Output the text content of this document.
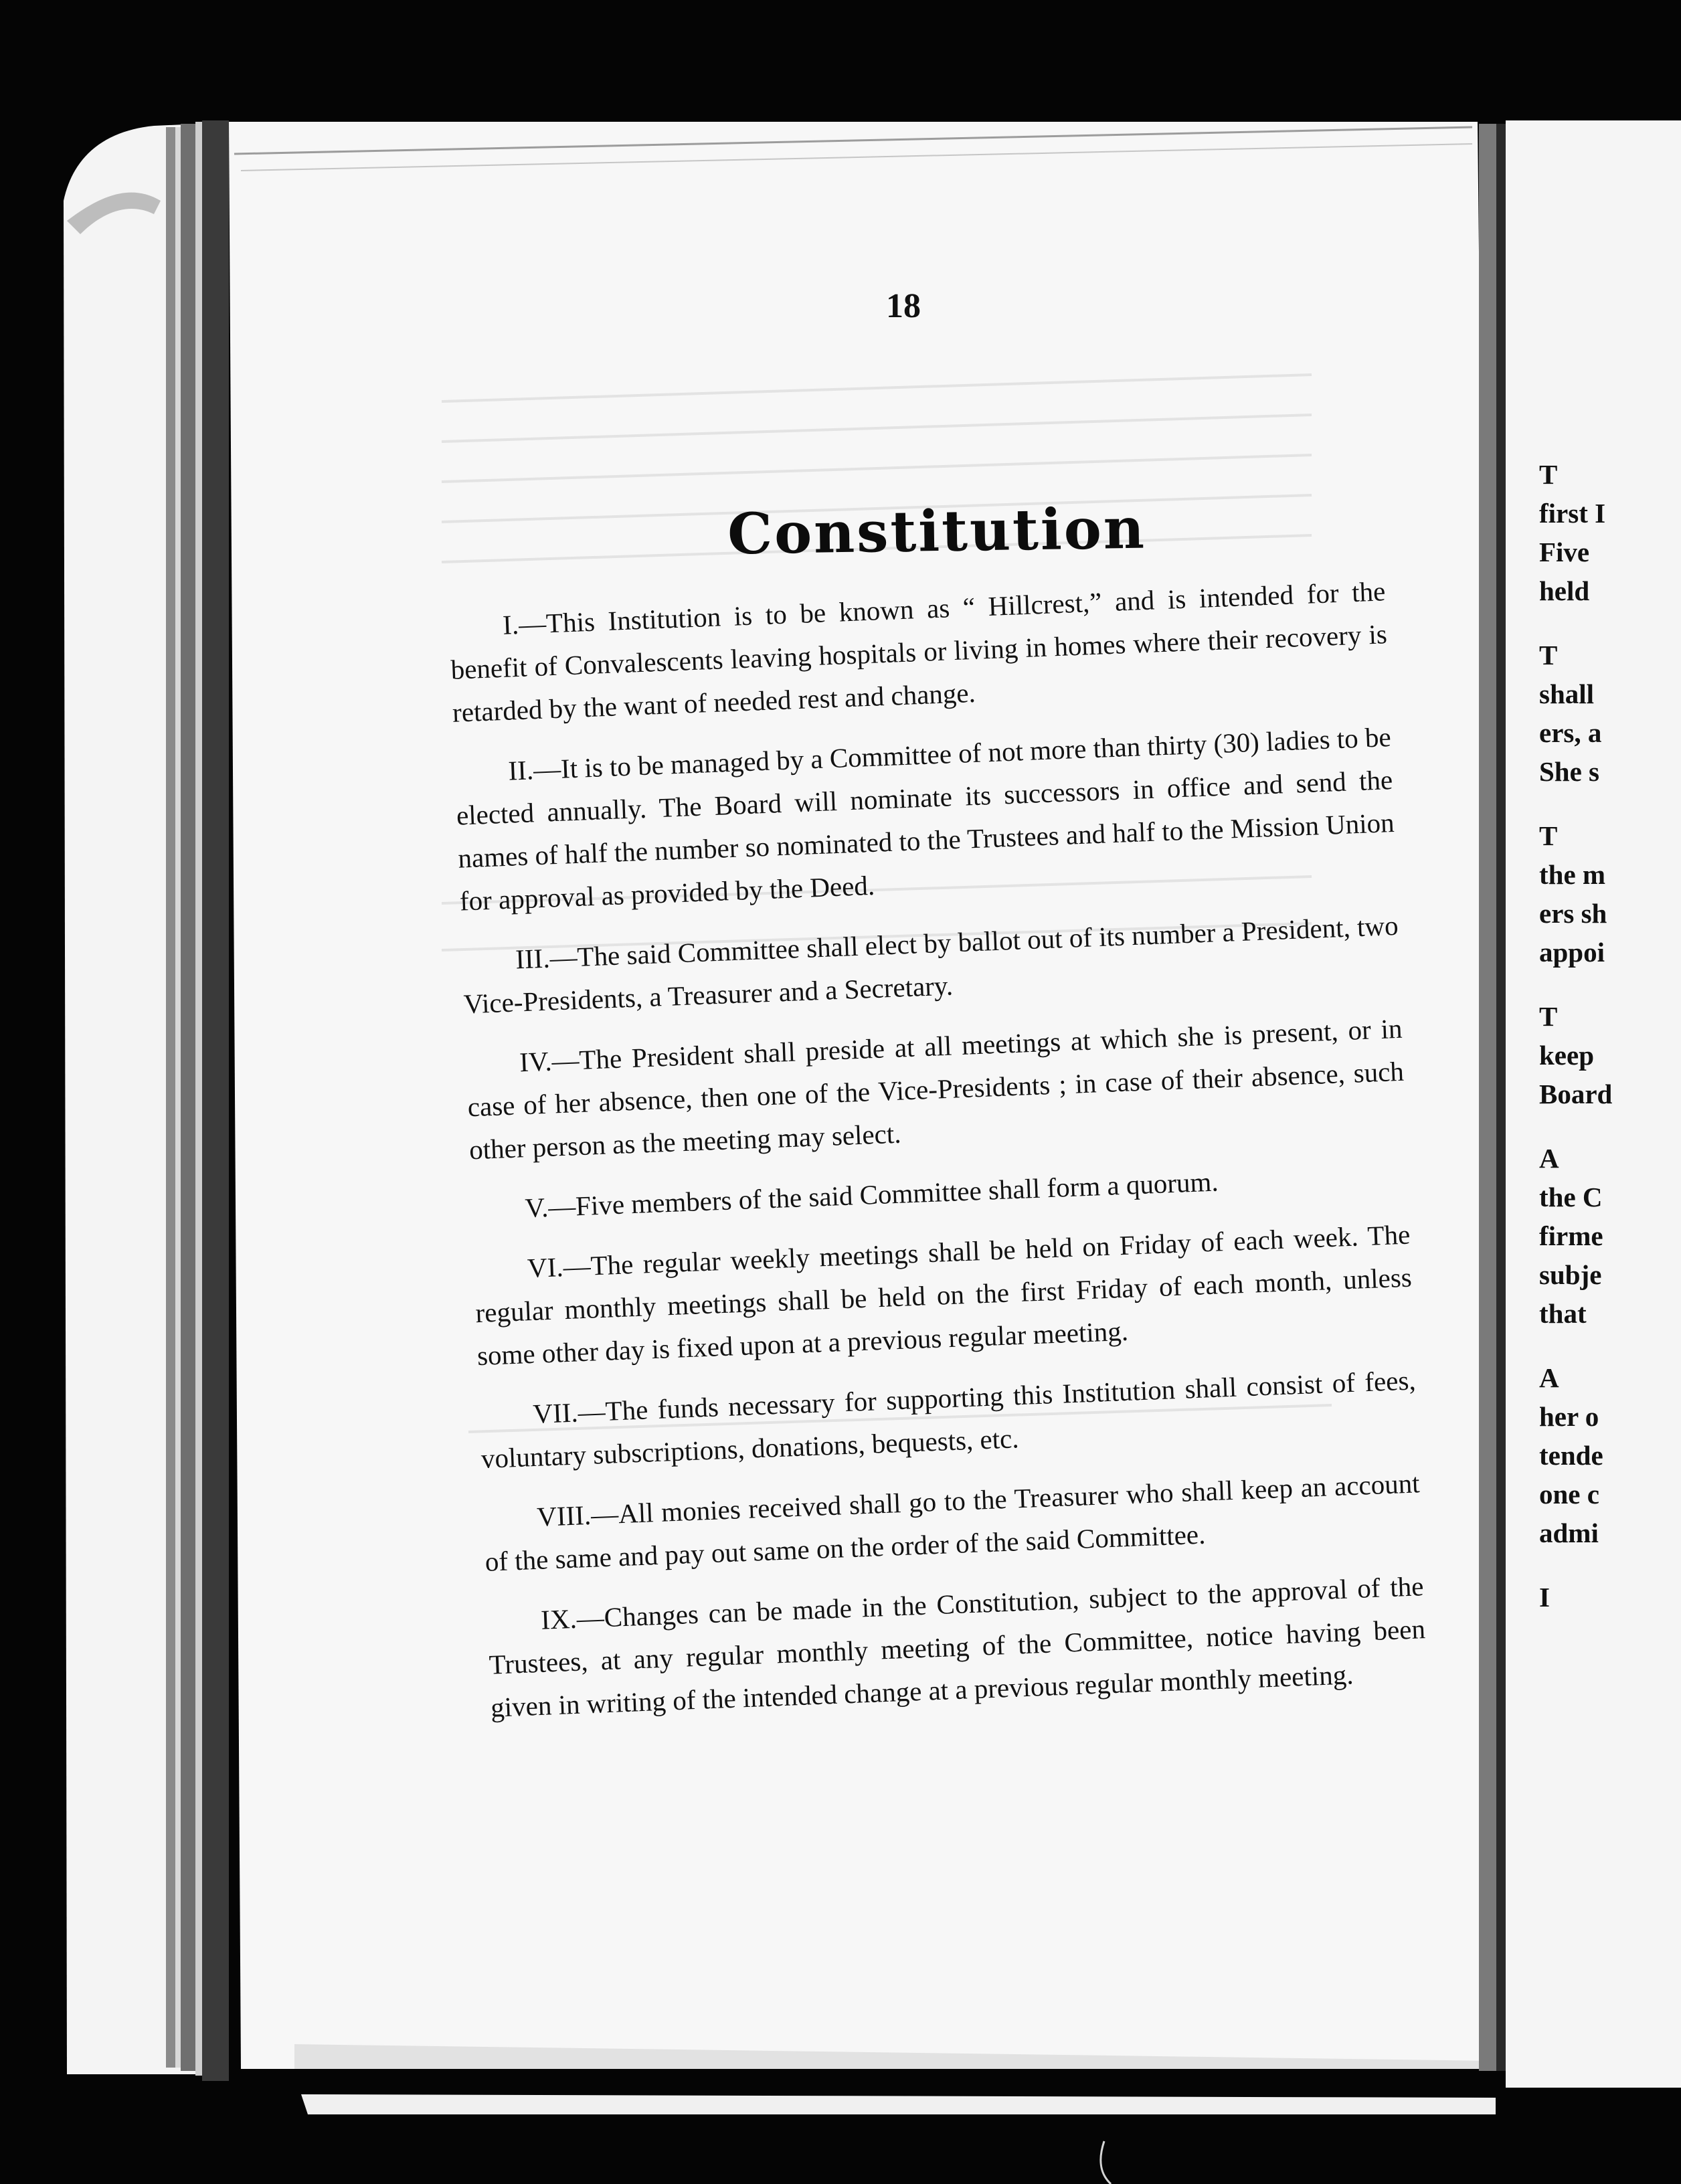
18
Constitution

I.—This Institution is to be known as “ Hillcrest,” and is intended for the benefit of Convalescents leaving hospitals or living in homes where their recovery is retarded by the want of needed rest and change.

II.—It is to be managed by a Committee of not more than thirty (30) ladies to be elected annually. The Board will nominate its successors in office and send the names of half the number so nominated to the Trustees and half to the Mission Union for approval as provided by the Deed.

III.—The said Committee shall elect by ballot out of its number a President, two Vice-Presidents, a Treasurer and a Secretary.

IV.—The President shall preside at all meetings at which she is present, or in case of her absence, then one of the Vice-Presidents ; in case of their absence, such other person as the meeting may select.

V.—Five members of the said Committee shall form a quorum.

VI.—The regular weekly meetings shall be held on Friday of each week. The regular monthly meetings shall be held on the first Friday of each month, unless some other day is fixed upon at a previous regular meeting.

VII.—The funds necessary for supporting this Institution shall consist of fees, voluntary subscriptions, donations, bequests, etc.

VIII.—All monies received shall go to the Treasurer who shall keep an account of the same and pay out same on the order of the said Committee.

IX.—Changes can be made in the Constitution, subject to the approval of the Trustees, at any regular monthly meeting of the Committee, notice having been given in writing of the intended change at a previous regular monthly meeting.

T
first I
Five
held
T
shall
ers, a
She s
T
the m
ers sh
appoi
T
keep
Board
A
the C
firme
subje
that
A
her o
tende
one c
admi
I
